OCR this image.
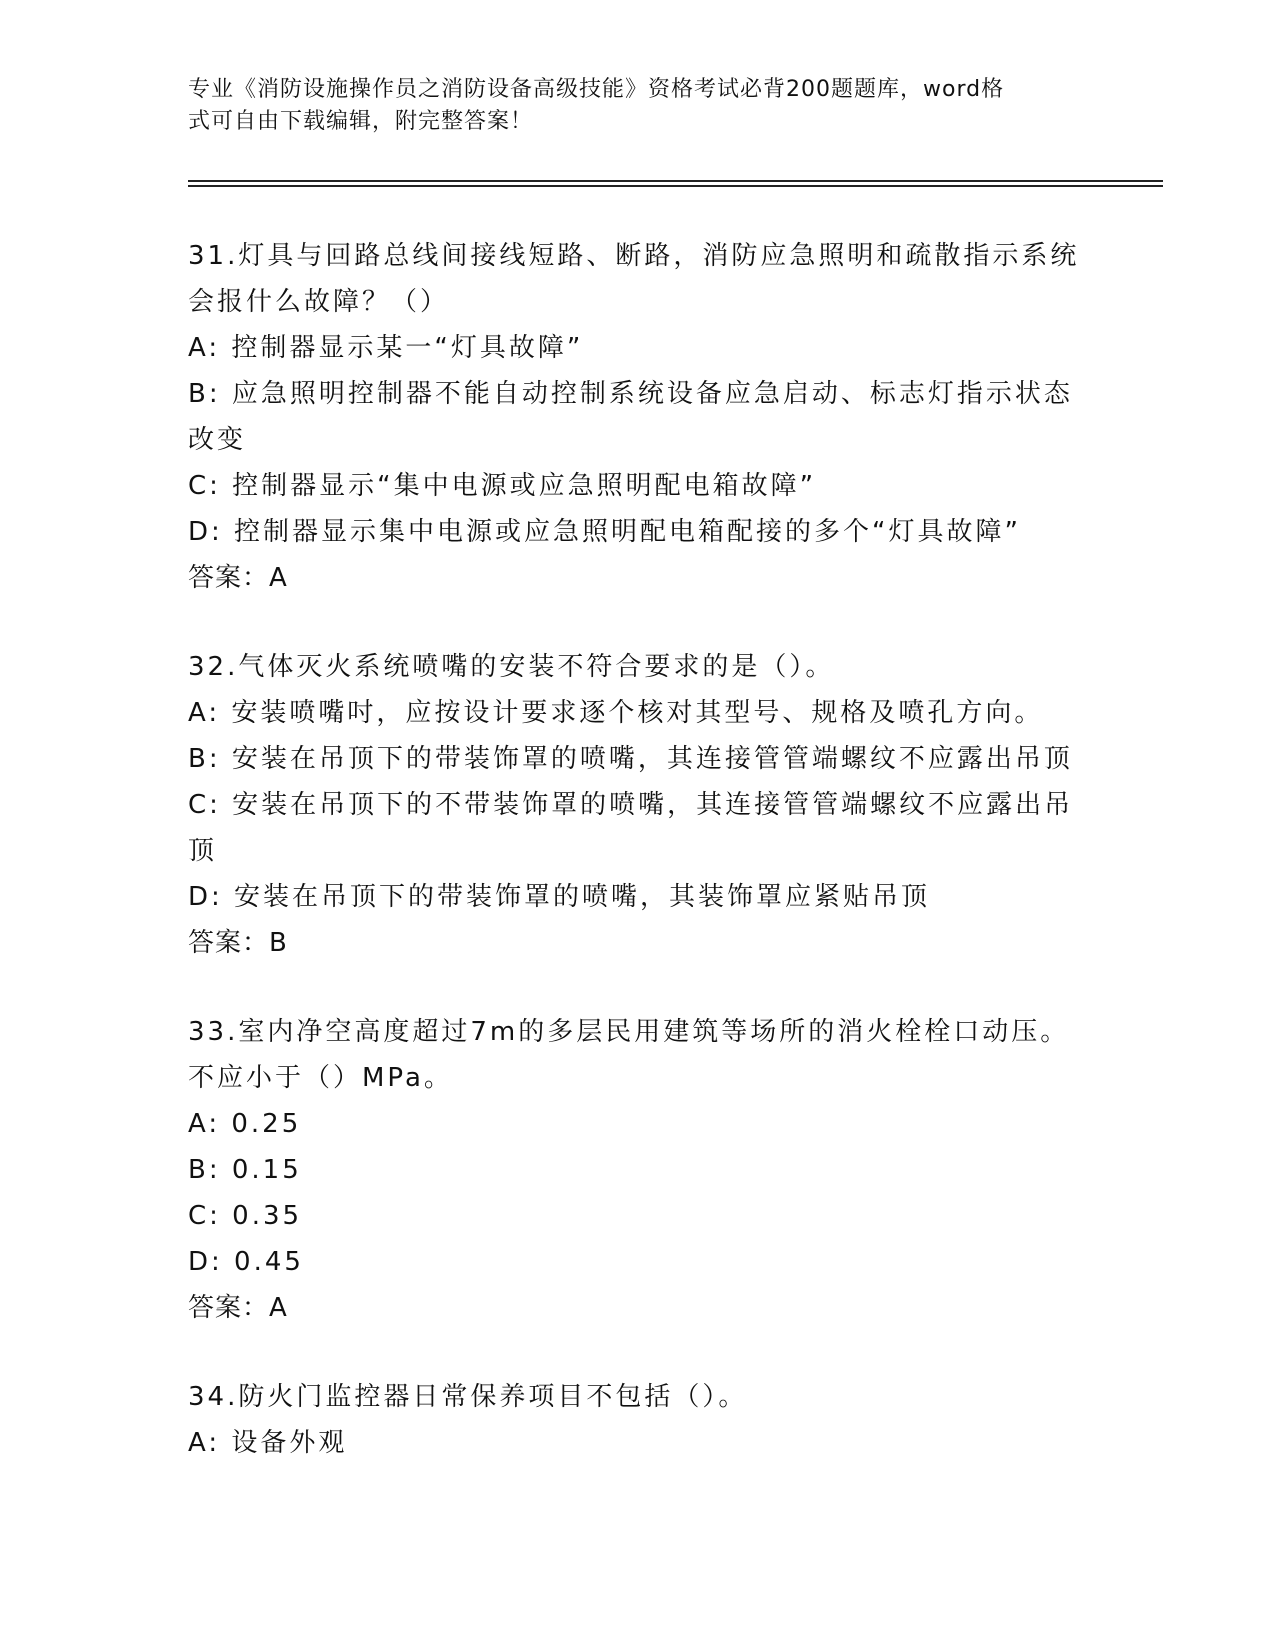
专业《消防设施操作员之消防设备高级技能》资格考试必背200题题库，word格
式可自由下载编辑，附完整答案！
31.灯具与回路总线间接线短路、断路，消防应急照明和疏散指示系统
会报什么故障？（）
A: 控制器显示某一“灯具故障”
B: 应急照明控制器不能自动控制系统设备应急启动、标志灯指示状态
改变
C: 控制器显示“集中电源或应急照明配电箱故障”
D: 控制器显示集中电源或应急照明配电箱配接的多个“灯具故障”
答案：A
32.气体灭火系统喷嘴的安装不符合要求的是（）。
A: 安装喷嘴吋，应按设计要求逐个核对其型号、规格及喷孔方向。
B: 安装在吊顶下的带装饰罩的喷嘴，其连接管管端螺纹不应露出吊顶
C: 安装在吊顶下的不带装饰罩的喷嘴，其连接管管端螺纹不应露出吊
顶
D: 安装在吊顶下的带装饰罩的喷嘴，其装饰罩应紧贴吊顶
答案：B
33.室内净空高度超过7m的多层民用建筑等场所的消火栓栓口动压。
不应小于（）MPa。
A: 0.25
B: 0.15
C: 0.35
D: 0.45
答案：A
34.防火门监控器日常保养项目不包括（）。
A: 设备外观
